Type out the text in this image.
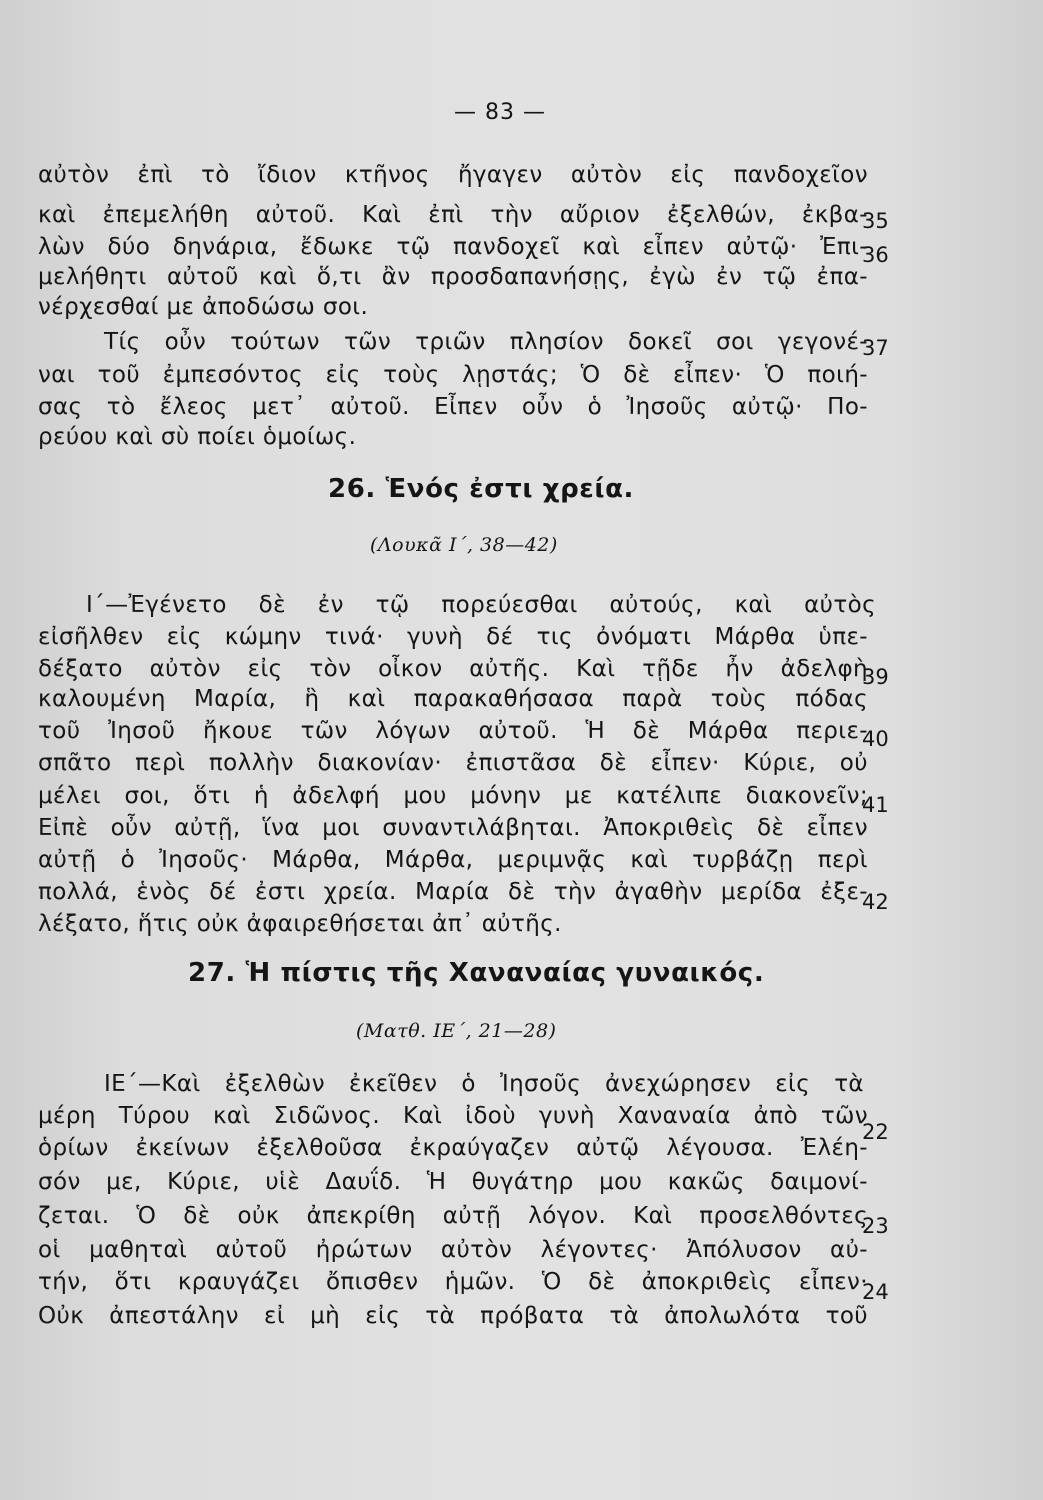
— 83 —
αὐτὸν ἐπὶ τὸ ἴδιον κτῆνος ἤγαγεν αὐτὸν εἰς πανδοχεῖον
καὶ ἐπεμελήθη αὐτοῦ. Καὶ ἐπὶ τὴν αὔριον ἐξελθών, ἐκβα-
λὼν δύο δηνάρια, ἔδωκε τῷ πανδοχεῖ καὶ εἶπεν αὐτῷ· Ἐπι-
μελήθητι αὐτοῦ καὶ ὅ,τι ἂν προσδαπανήσῃς, ἐγὼ ἐν τῷ ἐπα-
νέρχεσθαί με ἀποδώσω σοι.
Τίς οὖν τούτων τῶν τριῶν πλησίον δοκεῖ σοι γεγονέ-
ναι τοῦ ἐμπεσόντος εἰς τοὺς λῃστάς; Ὁ δὲ εἶπεν· Ὁ ποιή-
σας τὸ ἔλεος μετ᾽ αὐτοῦ. Εἶπεν οὖν ὁ Ἰησοῦς αὐτῷ· Πο-
ρεύου καὶ σὺ ποίει ὁμοίως.
35
36
37
26. Ἑνός ἐστι χρεία.
(Λουκᾶ Ι΄, 38—42)
Ι΄—Ἐγένετο δὲ ἐν τῷ πορεύεσθαι αὐτούς, καὶ αὐτὸς
εἰσῆλθεν εἰς κώμην τινά· γυνὴ δέ τις ὀνόματι Μάρθα ὑπε-
δέξατο αὐτὸν εἰς τὸν οἶκον αὐτῆς. Καὶ τῇδε ἦν ἀδελφὴ
καλουμένη Μαρία, ἣ καὶ παρακαθήσασα παρὰ τοὺς πόδας
τοῦ Ἰησοῦ ἤκουε τῶν λόγων αὐτοῦ. Ἡ δὲ Μάρθα περιε-
σπᾶτο περὶ πολλὴν διακονίαν· ἐπιστᾶσα δὲ εἶπεν· Κύριε, οὐ
μέλει σοι, ὅτι ἡ ἀδελφή μου μόνην με κατέλιπε διακονεῖν;
Εἰπὲ οὖν αὐτῇ, ἵνα μοι συναντιλάβηται. Ἀποκριθεὶς δὲ εἶπεν
αὐτῇ ὁ Ἰησοῦς· Μάρθα, Μάρθα, μεριμνᾷς καὶ τυρβάζῃ περὶ
πολλά, ἑνὸς δέ ἐστι χρεία. Μαρία δὲ τὴν ἀγαθὴν μερίδα ἐξε-
λέξατο, ἥτις οὐκ ἀφαιρεθήσεται ἀπ᾽ αὐτῆς.
39
40
41
42
27. Ἡ πίστις τῆς Χαναναίας γυναικός.
(Ματθ. ΙΕ΄, 21—28)
ΙΕ΄—Καὶ ἐξελθὼν ἐκεῖθεν ὁ Ἰησοῦς ἀνεχώρησεν εἰς τὰ
μέρη Τύρου καὶ Σιδῶνος. Καὶ ἰδοὺ γυνὴ Χαναναία ἀπὸ τῶν
ὁρίων ἐκείνων ἐξελθοῦσα ἐκραύγαζεν αὐτῷ λέγουσα. Ἐλέη-
σόν με, Κύριε, υἱὲ Δαυΐδ. Ἡ θυγάτηρ μου κακῶς δαιμονί-
ζεται. Ὁ δὲ οὐκ ἀπεκρίθη αὐτῇ λόγον. Καὶ προσελθόντες
οἱ μαθηταὶ αὐτοῦ ἠρώτων αὐτὸν λέγοντες· Ἀπόλυσον αὐ-
τήν, ὅτι κραυγάζει ὄπισθεν ἡμῶν. Ὁ δὲ ἀποκριθεὶς εἶπεν·
Οὐκ ἀπεστάλην εἰ μὴ εἰς τὰ πρόβατα τὰ ἀπολωλότα τοῦ
22
23
24
